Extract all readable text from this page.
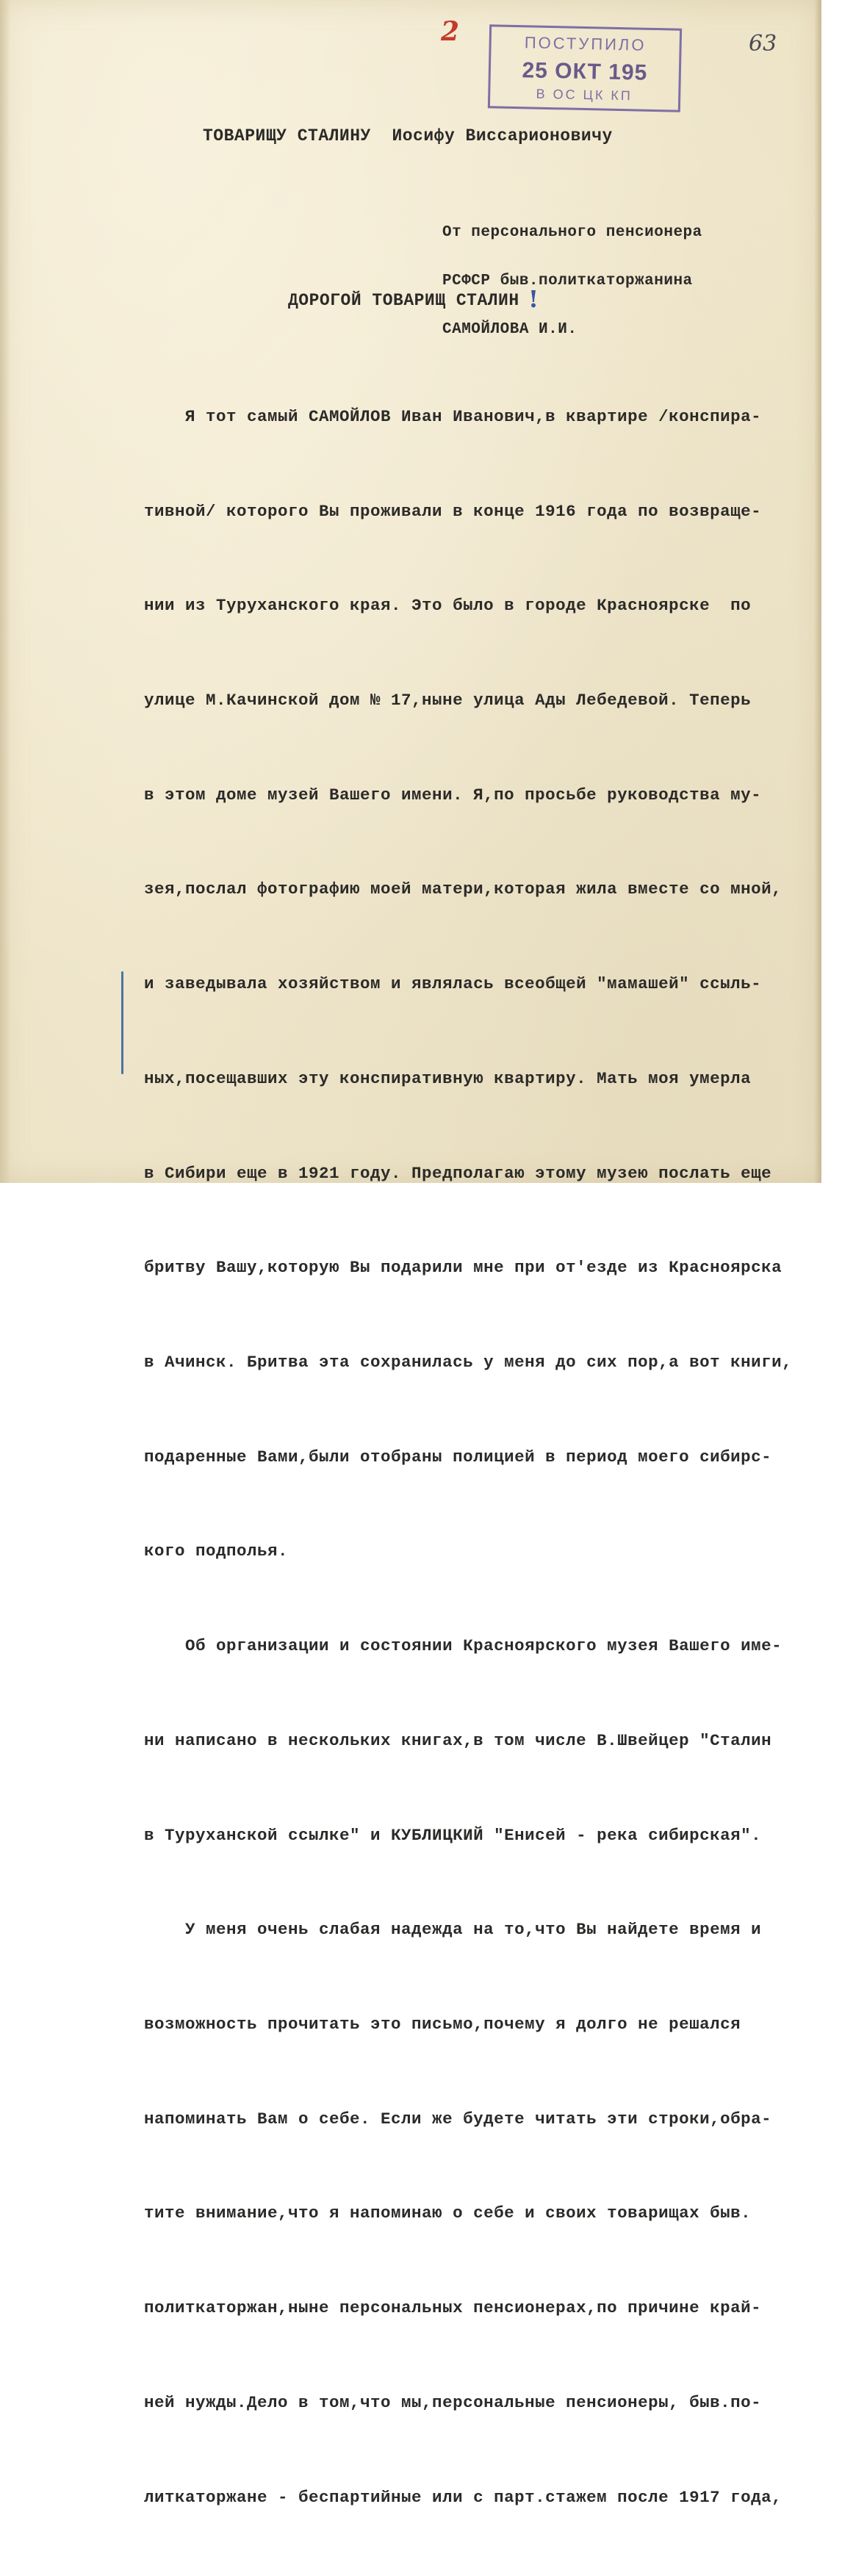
2	ПОСТУПИЛО
25 ОКТ 195
В ОС ЦК КП
63
ТОВАРИЩУ СТАЛИНУ  Иосифу Виссарионовичу

От персонального пенсионера

РСФСР быв.политкаторжанина

САМОЙЛОВА И.И.

ДОРОГОЙ ТОВАРИЩ СТАЛИН !

Я тот самый САМОЙЛОВ Иван Иванович,в квартире /конспира-

тивной/ которого Вы проживали в конце 1916 года по возвраще-

нии из Туруханского края. Это было в городе Красноярске  по

улице М.Качинской дом № 17,ныне улица Ады Лебедевой. Теперь

в этом доме музей Вашего имени. Я,по просьбе руководства му-

зея,послал фотографию моей матери,которая жила вместе со мной,

и заведывала хозяйством и являлась всеобщей "мамашей" ссыль-

ных,посещавших эту конспиративную квартиру. Мать моя умерла

в Сибири еще в 1921 году. Предполагаю этому музею послать еще

бритву Вашу,которую Вы подарили мне при от'езде из Красноярска

в Ачинск. Бритва эта сохранилась у меня до сих пор,а вот книги,

подаренные Вами,были отобраны полицией в период моего сибирс-

кого подполья.

Об организации и состоянии Красноярского музея Вашего име-

ни написано в нескольких книгах,в том числе В.Швейцер "Сталин

в Туруханской ссылке" и КУБЛИЦКИЙ "Енисей - река сибирская".

У меня очень слабая надежда на то,что Вы найдете время и

возможность прочитать это письмо,почему я долго не решался

напоминать Вам о себе. Если же будете читать эти строки,обра-

тите внимание,что я напоминаю о себе и своих товарищах быв.

политкаторжан,ныне персональных пенсионерах,по причине край-

ней нужды.Дело в том,что мы,персональные пенсионеры, быв.по-

литкаторжане - беспартийные или с парт.стажем после 1917 года,
